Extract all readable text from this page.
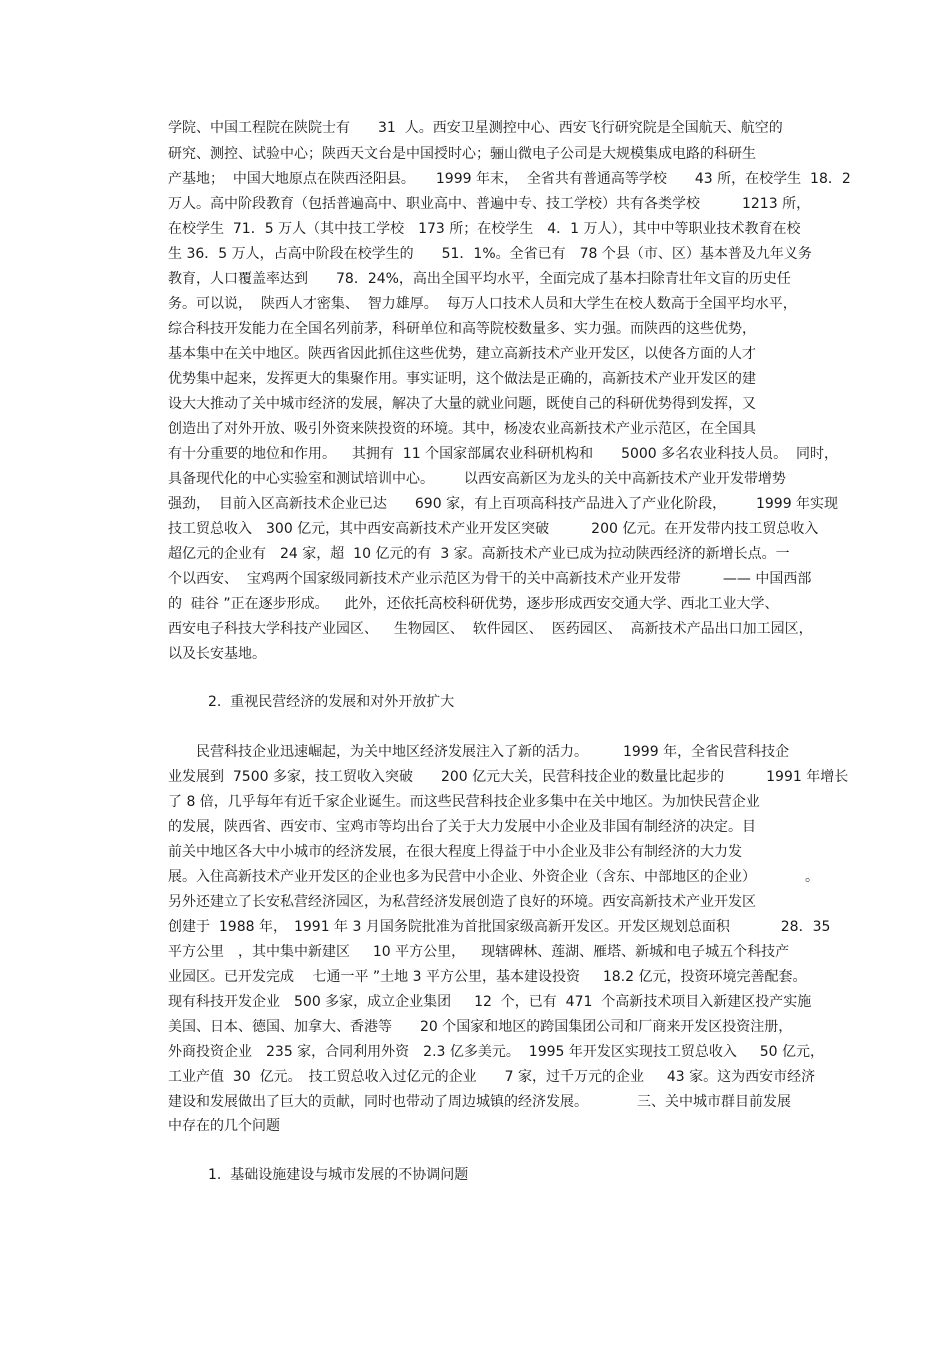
学院、中国工程院在陕院士有　　31  人。西安卫星测控中心、西安飞行研究院是全国航天、航空的
研究、测控、试验中心；陕西天文台是中国授时心；骊山微电子公司是大规模集成电路的科研生
产基地；  中国大地原点在陕西泾阳县。　　1999 年末，  全省共有普通高等学校　　43 所，在校学生  18．2
万人。高中阶段教育（包括普遍高中、职业高中、普遍中专、技工学校）共有各类学校　　　1213 所，
在校学生  71．5 万人（其中技工学校　173 所；在校学生　4．1 万人），其中中等职业技术教育在校
生 36．5 万人，占高中阶段在校学生的　　51．1%。全省已有　78 个县（市、区）基本普及九年义务
教育，人口覆盖率达到　　78．24%，高出全国平均水平，全面完成了基本扫除青壮年文盲的历史任
务。可以说，  陕西人才密集、  智力雄厚。  每万人口技术人员和大学生在校人数高于全国平均水平，
综合科技开发能力在全国名列前茅，科研单位和高等院校数量多、实力强。而陕西的这些优势，
基本集中在关中地区。陕西省因此抓住这些优势，建立高新技术产业开发区，以使各方面的人才
优势集中起来，发挥更大的集聚作用。事实证明，这个做法是正确的，高新技术产业开发区的建
设大大推动了关中城市经济的发展，解决了大量的就业问题，既使自己的科研优势得到发挥，又
创造出了对外开放、吸引外资来陕投资的环境。其中，杨凌农业高新技术产业示范区，在全国具
有十分重要的地位和作用。　  其拥有  11 个国家部属农业科研机构和　　5000 多名农业科技人员。  同时，
具备现代化的中心实验室和测试培训中心。　　  以西安高新区为龙头的关中高新技术产业开发带增势
强劲，  目前入区高新技术企业已达　　690 家，有上百项高科技产品进入了产业化阶段，　　  1999 年实现
技工贸总收入　300 亿元，其中西安高新技术产业开发区突破　　　200 亿元。在开发带内技工贸总收入
超亿元的企业有　24 家，超  10 亿元的有  3 家。高新技术产业已成为拉动陕西经济的新增长点。一
个以西安、  宝鸡两个国家级同新技术产业示范区为骨干的关中高新技术产业开发带　　　—— 中国西部
的  硅谷 ”正在逐步形成。　  此外，还依托高校科研优势，逐步形成西安交通大学、西北工业大学、
西安电子科技大学科技产业园区、　  生物园区、  软件园区、  医药园区、  高新技术产品出口加工园区，
以及长安基地。
2.  重视民营经济的发展和对外开放扩大
　　民营科技企业迅速崛起，为关中地区经济发展注入了新的活力。　　　1999 年，全省民营科技企
业发展到  7500 多家，技工贸收入突破　　200 亿元大关，民营科技企业的数量比起步的　　　1991 年增长
了 8 倍，几乎每年有近千家企业诞生。而这些民营科技企业多集中在关中地区。为加快民营企业
的发展，陕西省、西安市、宝鸡市等均出台了关于大力发展中小企业及非国有制经济的决定。目
前关中地区各大中小城市的经济发展，在很大程度上得益于中小企业及非公有制经济的大力发
展。入住高新技术产业开发区的企业也多为民营中小企业、外资企业（含东、中部地区的企业）　　　　。
另外还建立了长安私营经济园区，为私营经济发展创造了良好的环境。西安高新技术产业开发区
创建于  1988 年，　1991 年 3 月国务院批准为首批国家级高新开发区。开发区规划总面积　　　  28．35
平方公里　，其中集中新建区　  10 平方公里，　  现辖碑林、莲湖、雁塔、新城和电子城五个科技产
业园区。已开发完成　 七通一平 ”土地 3 平方公里，基本建设投资　  18.2 亿元，投资环境完善配套。
现有科技开发企业　500 多家，成立企业集团　  12  个，已有  471  个高新技术项目入新建区投产实施
美国、日本、德国、加拿大、香港等　　20 个国家和地区的跨国集团公司和厂商来开发区投资注册，
外商投资企业　235 家，合同利用外资　2.3 亿多美元。  1995 年开发区实现技工贸总收入　  50 亿元，
工业产值  30  亿元。　技工贸总收入过亿元的企业　　7 家，过千万元的企业　  43 家。这为西安市经济
建设和发展做出了巨大的贡献，同时也带动了周边城镇的经济发展。　　　　三、关中城市群目前发展
中存在的几个问题
1.  基础设施建设与城市发展的不协调问题
